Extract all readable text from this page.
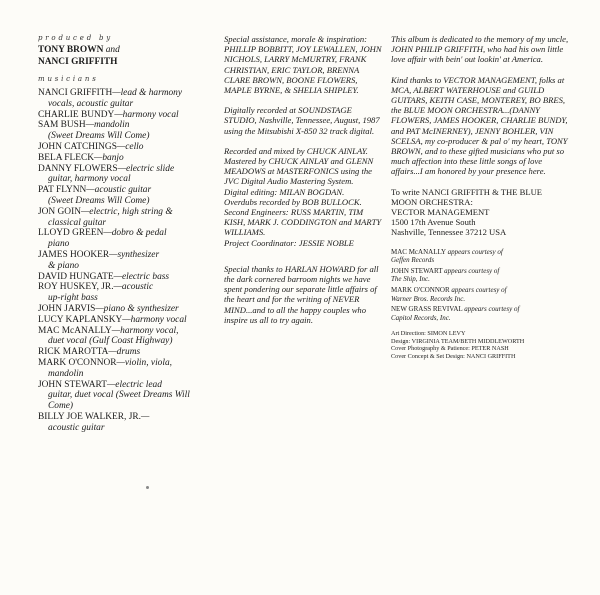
produced by
TONY BROWN and
NANCI GRIFFITH
musicians
NANCI GRIFFITH—lead & harmony
vocals, acoustic guitar
CHARLIE BUNDY—harmony vocal
SAM BUSH—mandolin
(Sweet Dreams Will Come)
JOHN CATCHINGS—cello
BELA FLECK—banjo
DANNY FLOWERS—electric slide
guitar, harmony vocal
PAT FLYNN—acoustic guitar
(Sweet Dreams Will Come)
JON GOIN—electric, high string &
classical guitar
LLOYD GREEN—dobro & pedal
piano
JAMES HOOKER—synthesizer
& piano
DAVID HUNGATE—electric bass
ROY HUSKEY, JR.—acoustic
up-right bass
JOHN JARVIS—piano & synthesizer
LUCY KAPLANSKY—harmony vocal
MAC McANALLY—harmony vocal,
duet vocal (Gulf Coast Highway)
RICK MAROTTA—drums
MARK O'CONNOR—violin, viola,
mandolin
JOHN STEWART—electric lead
guitar, duet vocal (Sweet Dreams Will Come)
BILLY JOE WALKER, JR.—
acoustic guitar

Special assistance, morale & inspiration: PHILLIP BOBBITT, JOY LEWALLEN, JOHN NICHOLS, LARRY McMURTRY, FRANK CHRISTIAN, ERIC TAYLOR, BRENNA CLARE BROWN, BOONE FLOWERS, MAPLE BYRNE, & SHELIA SHIPLEY.

Digitally recorded at SOUNDSTAGE STUDIO, Nashville, Tennessee, August, 1987 using the Mitsubishi X-850 32 track digital.

Recorded and mixed by CHUCK AINLAY. Mastered by CHUCK AINLAY and GLENN MEADOWS at MASTERFONICS using the JVC Digital Audio Mastering System.
Digital editing: MILAN BOGDAN.
Overdubs recorded by BOB BULLOCK.
Second Engineers: RUSS MARTIN, TIM KISH, MARK J. CODDINGTON and MARTY WILLIAMS.
Project Coordinator: JESSIE NOBLE

Special thanks to HARLAN HOWARD for all the dark cornered barroom nights we have spent pondering our separate little affairs of the heart and for the writing of NEVER MIND...and to all the happy couples who inspire us all to try again.

This album is dedicated to the memory of my uncle, JOHN PHILIP GRIFFITH, who had his own little love affair with bein' out lookin' at America.

Kind thanks to VECTOR MANAGEMENT, folks at MCA, ALBERT WATERHOUSE and GUILD GUITARS, KEITH CASE, MONTEREY, BO BRES, the BLUE MOON ORCHESTRA...(DANNY FLOWERS, JAMES HOOKER, CHARLIE BUNDY, and PAT McINERNEY), JENNY BOHLER, VIN SCELSA, my co-producer & pal o' my heart, TONY BROWN, and to these gifted musicians who put so much affection into these little songs of love affairs...I am honored by your presence here.

To write NANCI GRIFFITH & THE BLUE MOON ORCHESTRA:
VECTOR MANAGEMENT
1500 17th Avenue South
Nashville, Tennessee 37212 USA

MAC McANALLY appears courtesy of
Geffen Records
JOHN STEWART appears courtesy of
The Ship, Inc.
MARK O'CONNOR appears courtesy of
Warner Bros. Records Inc.
NEW GRASS REVIVAL appears courtesy of
Capitol Records, Inc.
Art Direction: SIMON LEVY
Design: VIRGINIA TEAM/BETH MIDDLEWORTH
Cover Photography & Patience: PETER NASH
Cover Concept & Set Design: NANCI GRIFFITH
